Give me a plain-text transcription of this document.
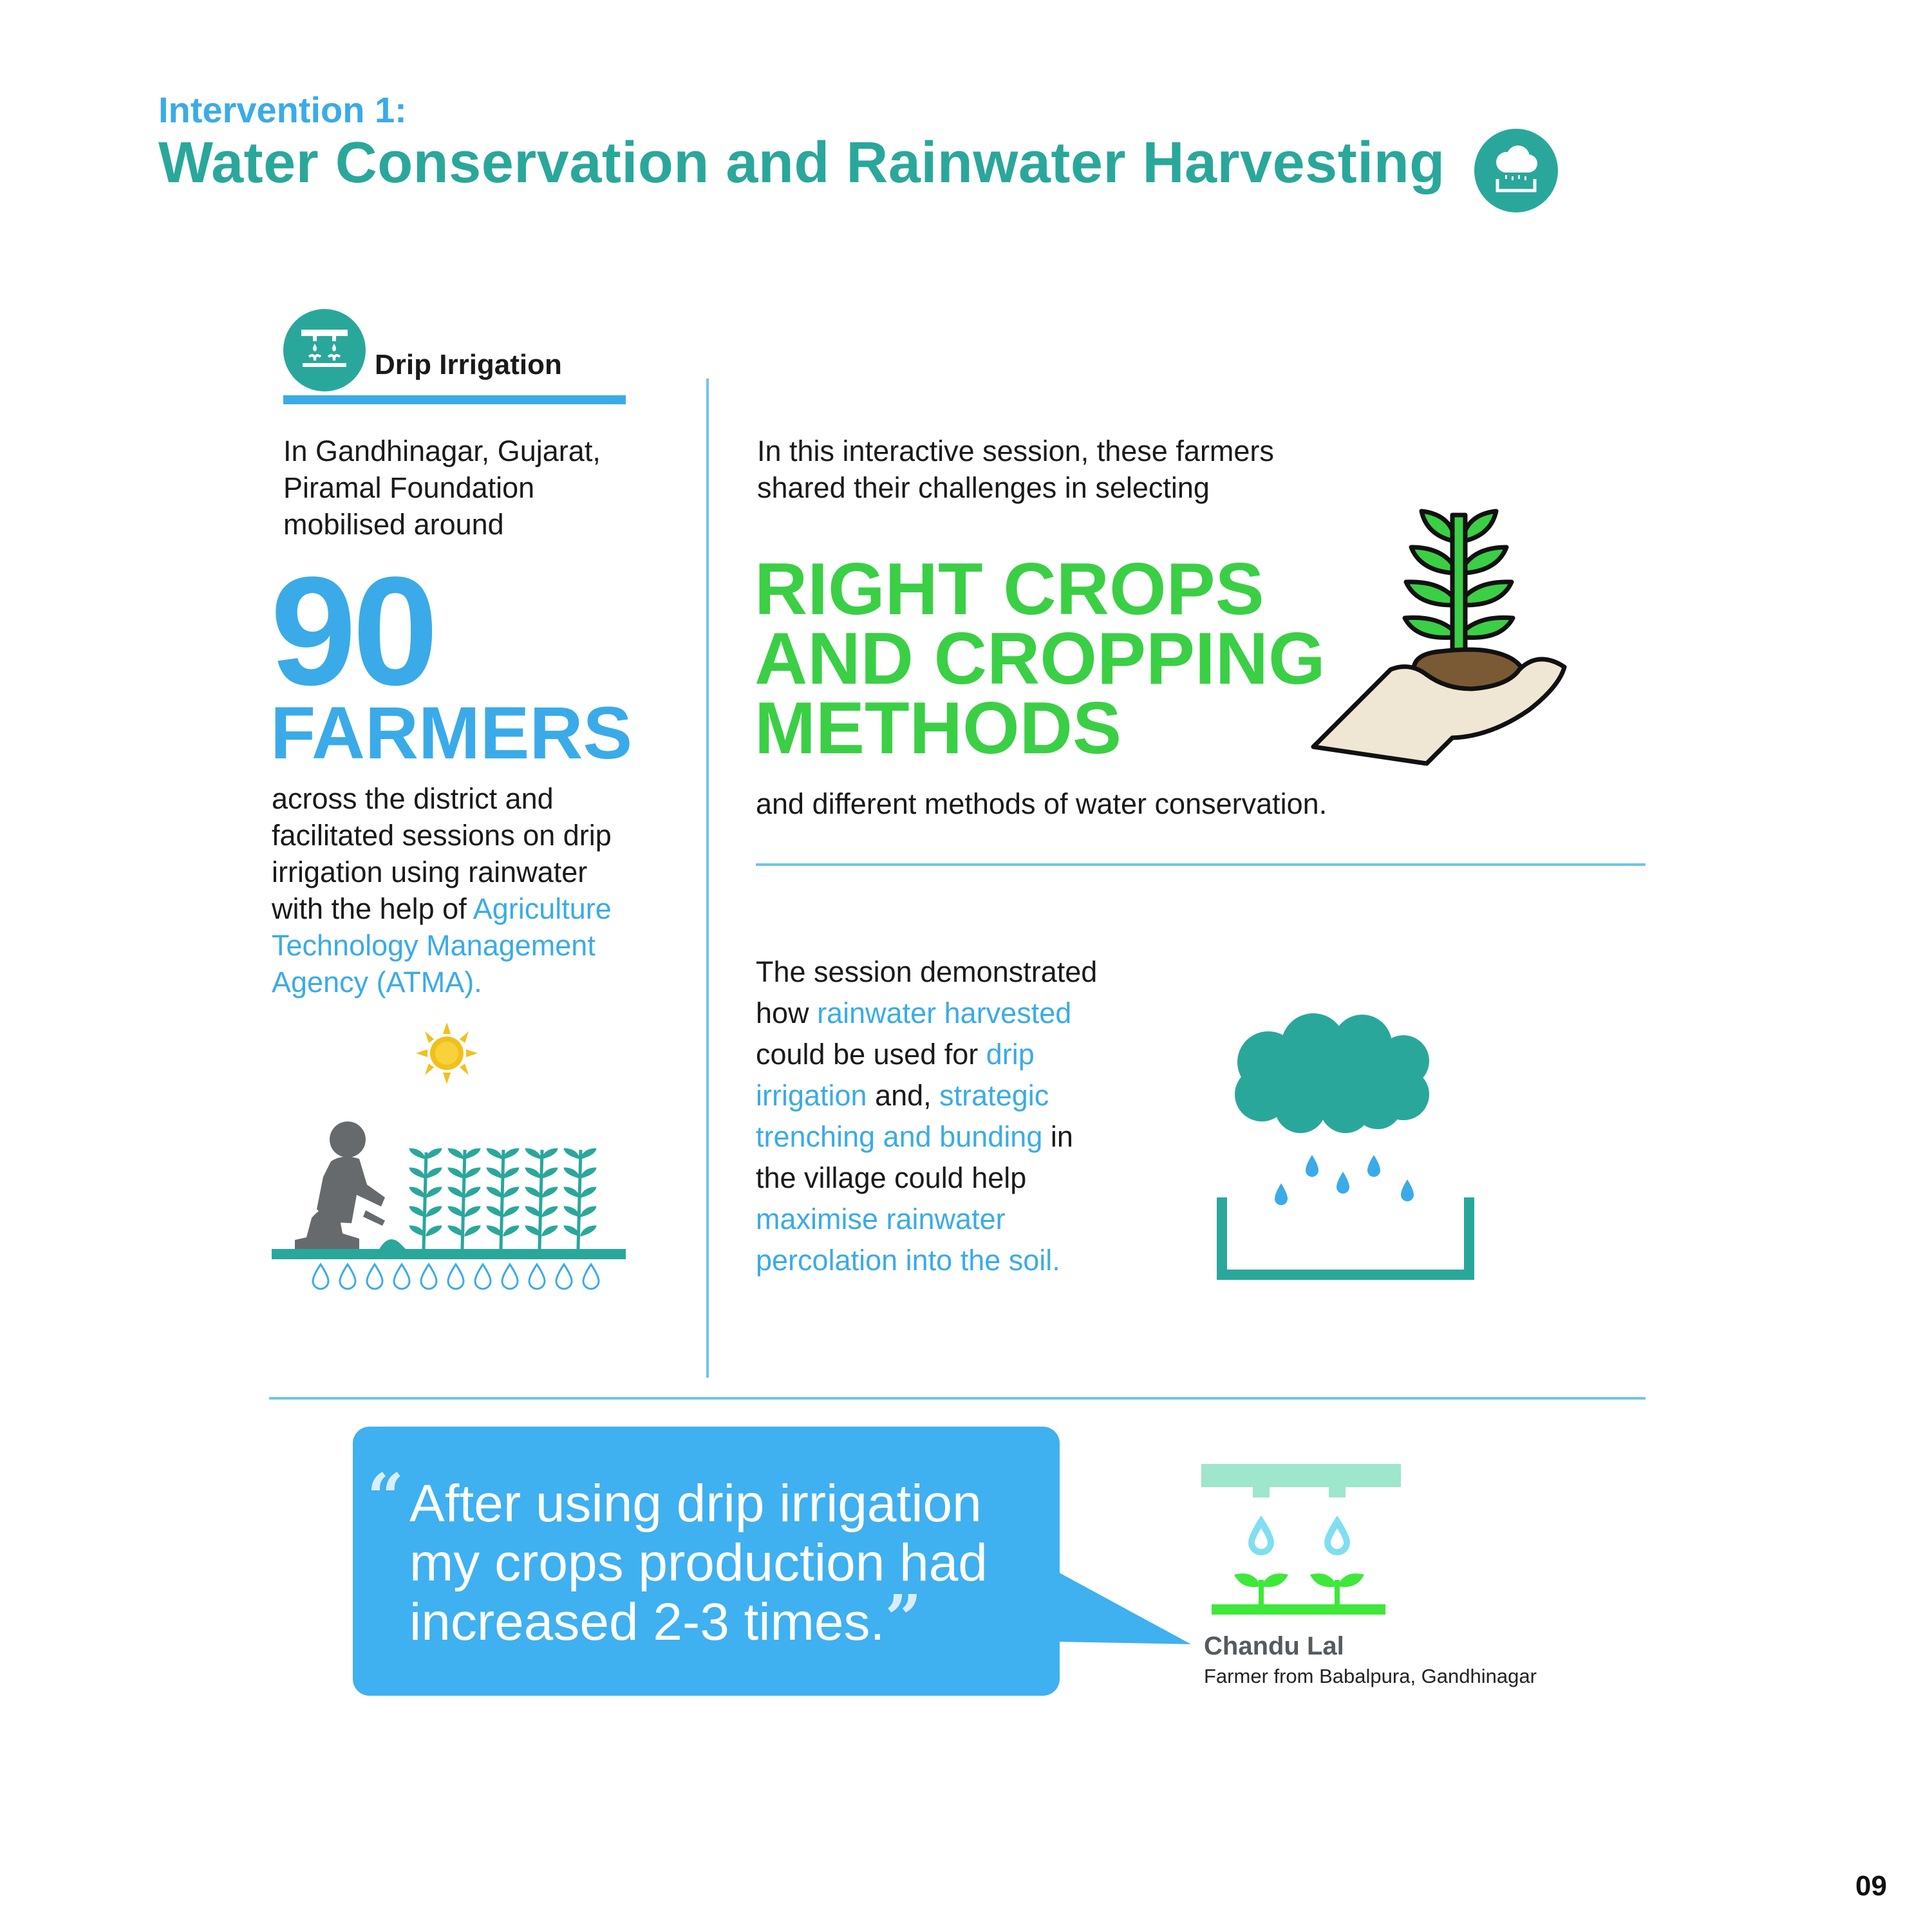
Intervention 1:
Water Conservation and Rainwater Harvesting
Drip Irrigation
In Gandhinagar, Gujarat,
Piramal Foundation
mobilised around
90
FARMERS
across the district and
facilitated sessions on drip
irrigation using rainwater
with the help of Agriculture
Technology Management
Agency (ATMA).
In this interactive session, these farmers
shared their challenges in selecting
RIGHT CROPS
AND CROPPING
METHODS
and different methods of water conservation.
The session demonstrated
how rainwater harvested
could be used for drip
irrigation and, strategic
trenching and bunding in
the village could help
maximise rainwater
percolation into the soil.
“ After using drip irrigation
my crops production had
increased 2-3 times.”	Chandu Lal
Farmer from Babalpura, Gandhinagar
09
